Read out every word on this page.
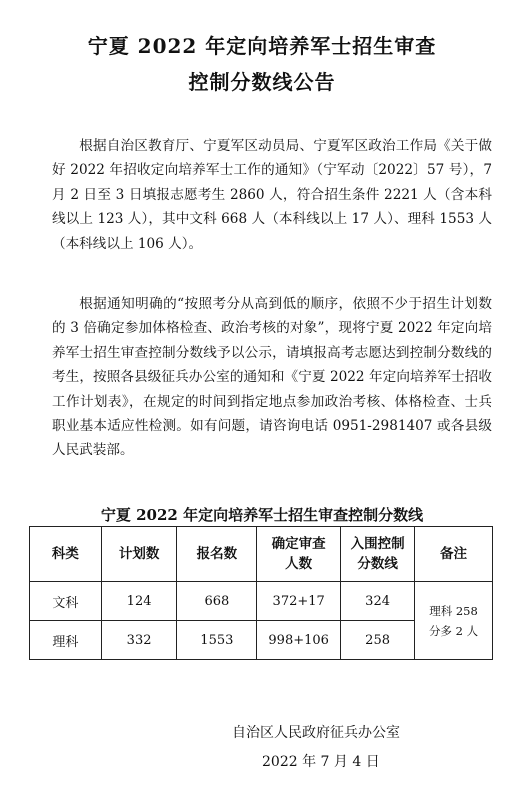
宁夏 2022 年定向培养军士招生审查
控制分数线公告
根据自治区教育厅、宁夏军区动员局、宁夏军区政治工作局《关于做好 2022 年招收定向培养军士工作的通知》（宁军动〔2022〕57 号），7 月 2 日至 3 日填报志愿考生 2860 人，符合招生条件 2221 人（含本科线以上 123 人），其中文科 668 人（本科线以上 17 人）、理科 1553 人（本科线以上 106 人）。
根据通知明确的“按照考分从高到低的顺序，依照不少于招生计划数的 3 倍确定参加体格检查、政治考核的对象”，现将宁夏 2022 年定向培养军士招生审查控制分数线予以公示，请填报高考志愿达到控制分数线的考生，按照各县级征兵办公室的通知和《宁夏 2022 年定向培养军士招收工作计划表》，在规定的时间到指定地点参加政治考核、体格检查、士兵职业基本适应性检测。如有问题，请咨询电话 0951-2981407 或各县级人民武装部。
宁夏 2022 年定向培养军士招生审查控制分数线
科类	计划数	报名数	确定审查人数	入围控制分数线	备注
文科	124	668	372+17	324	理科 258 分多 2 人
理科	332	1553	998+106	258	
自治区人民政府征兵办公室
2022 年 7 月 4 日
